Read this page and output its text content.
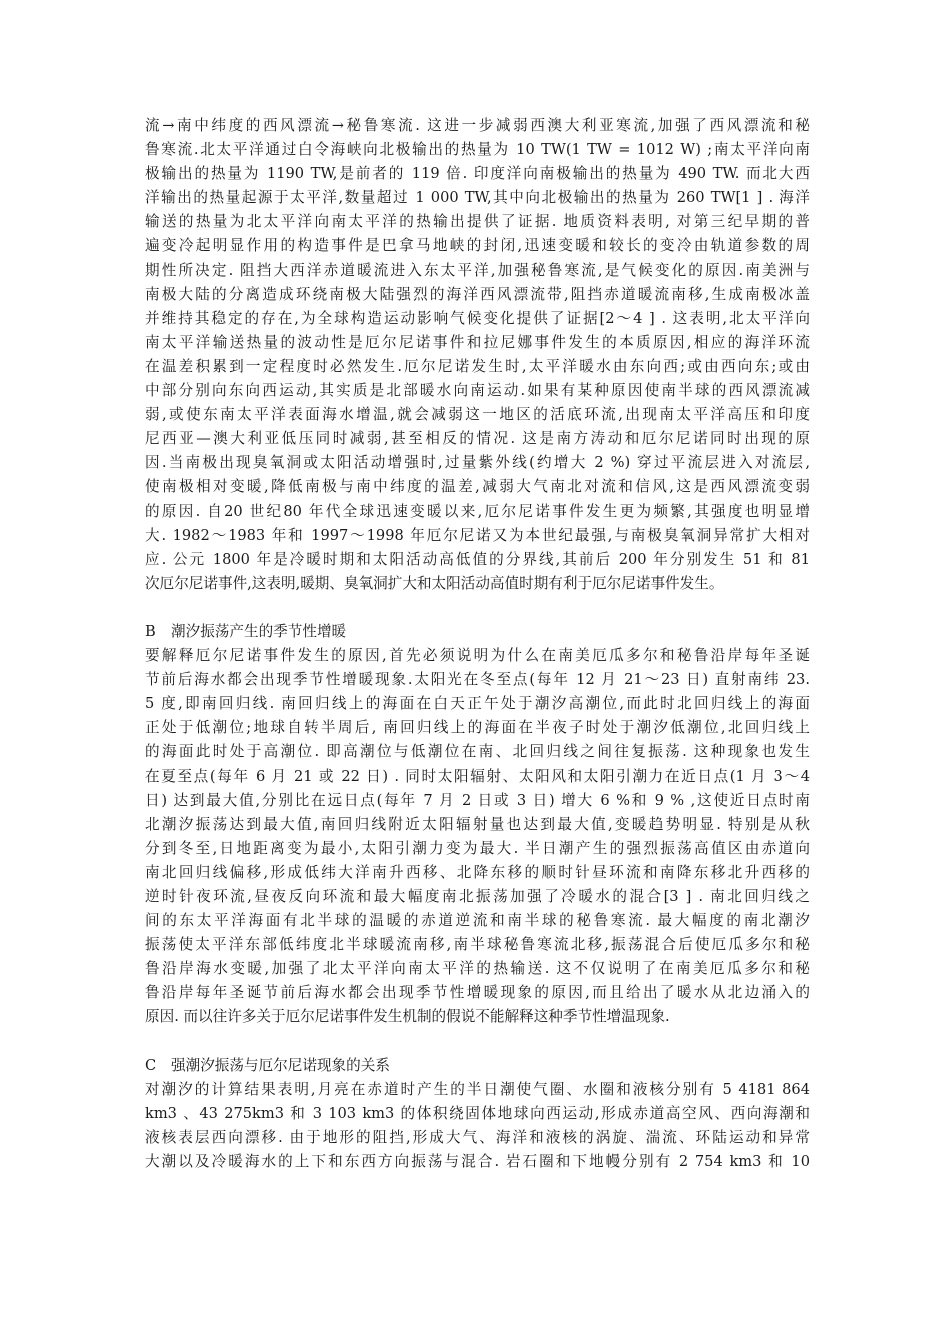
流→南中纬度的西风漂流→秘鲁寒流. 这进一步减弱西澳大利亚寒流,加强了西风漂流和秘
鲁寒流.北太平洋通过白令海峡向北极输出的热量为 10 TW(1 TW = 1012 W) ;南太平洋向南
极输出的热量为 1190 TW,是前者的 119 倍. 印度洋向南极输出的热量为 490 TW. 而北大西
洋输出的热量起源于太平洋,数量超过 1 000 TW,其中向北极输出的热量为 260 TW[1 ] . 海洋
输送的热量为北太平洋向南太平洋的热输出提供了证据. 地质资料表明, 对第三纪早期的普
遍变冷起明显作用的构造事件是巴拿马地峡的封闭,迅速变暖和较长的变冷由轨道参数的周
期性所决定. 阻挡大西洋赤道暖流进入东太平洋,加强秘鲁寒流,是气候变化的原因.南美洲与
南极大陆的分离造成环绕南极大陆强烈的海洋西风漂流带,阻挡赤道暖流南移,生成南极冰盖
并维持其稳定的存在,为全球构造运动影响气候变化提供了证据[2～4 ] . 这表明,北太平洋向
南太平洋输送热量的波动性是厄尔尼诺事件和拉尼娜事件发生的本质原因,相应的海洋环流
在温差积累到一定程度时必然发生.厄尔尼诺发生时,太平洋暖水由东向西;或由西向东;或由
中部分别向东向西运动,其实质是北部暖水向南运动.如果有某种原因使南半球的西风漂流减
弱,或使东南太平洋表面海水增温,就会减弱这一地区的活底环流,出现南太平洋高压和印度
尼西亚—澳大利亚低压同时减弱,甚至相反的情况. 这是南方涛动和厄尔尼诺同时出现的原
因.当南极出现臭氧洞或太阳活动增强时,过量紫外线(约增大 2 %) 穿过平流层进入对流层,
使南极相对变暖,降低南极与南中纬度的温差,减弱大气南北对流和信风,这是西风漂流变弱
的原因. 自20 世纪80 年代全球迅速变暖以来,厄尔尼诺事件发生更为频繁,其强度也明显增
大. 1982～1983 年和 1997～1998 年厄尔尼诺又为本世纪最强,与南极臭氧洞异常扩大相对
应. 公元 1800 年是冷暖时期和太阳活动高低值的分界线,其前后 200 年分别发生 51 和 81
次厄尔尼诺事件,这表明,暖期、臭氧洞扩大和太阳活动高值时期有利于厄尔尼诺事件发生。
B 潮汐振荡产生的季节性增暖
要解释厄尔尼诺事件发生的原因,首先必须说明为什么在南美厄瓜多尔和秘鲁沿岸每年圣诞
节前后海水都会出现季节性增暖现象.太阳光在冬至点(每年 12 月 21～23 日) 直射南纬 23.
5 度,即南回归线. 南回归线上的海面在白天正午处于潮汐高潮位,而此时北回归线上的海面
正处于低潮位;地球自转半周后, 南回归线上的海面在半夜子时处于潮汐低潮位,北回归线上
的海面此时处于高潮位. 即高潮位与低潮位在南、北回归线之间往复振荡. 这种现象也发生
在夏至点(每年 6 月 21 或 22 日) . 同时太阳辐射、太阳风和太阳引潮力在近日点(1 月 3～4
日) 达到最大值,分别比在远日点(每年 7 月 2 日或 3 日) 增大 6 %和 9 % ,这使近日点时南
北潮汐振荡达到最大值,南回归线附近太阳辐射量也达到最大值,变暖趋势明显. 特别是从秋
分到冬至,日地距离变为最小,太阳引潮力变为最大. 半日潮产生的强烈振荡高值区由赤道向
南北回归线偏移,形成低纬大洋南升西移、北降东移的顺时针昼环流和南降东移北升西移的
逆时针夜环流,昼夜反向环流和最大幅度南北振荡加强了冷暖水的混合[3 ] . 南北回归线之
间的东太平洋海面有北半球的温暖的赤道逆流和南半球的秘鲁寒流. 最大幅度的南北潮汐
振荡使太平洋东部低纬度北半球暖流南移,南半球秘鲁寒流北移,振荡混合后使厄瓜多尔和秘
鲁沿岸海水变暖,加强了北太平洋向南太平洋的热输送. 这不仅说明了在南美厄瓜多尔和秘
鲁沿岸每年圣诞节前后海水都会出现季节性增暖现象的原因,而且给出了暖水从北边涌入的
原因. 而以往许多关于厄尔尼诺事件发生机制的假说不能解释这种季节性增温现象.
C 强潮汐振荡与厄尔尼诺现象的关系
对潮汐的计算结果表明,月亮在赤道时产生的半日潮使气圈、水圈和液核分别有 5 4181 864
km3 、43 275km3 和 3 103 km3 的体积绕固体地球向西运动,形成赤道高空风、西向海潮和
液核表层西向漂移. 由于地形的阻挡,形成大气、海洋和液核的涡旋、湍流、环陆运动和异常
大潮以及冷暖海水的上下和东西方向振荡与混合. 岩石圈和下地幔分别有 2 754 km3 和 10
